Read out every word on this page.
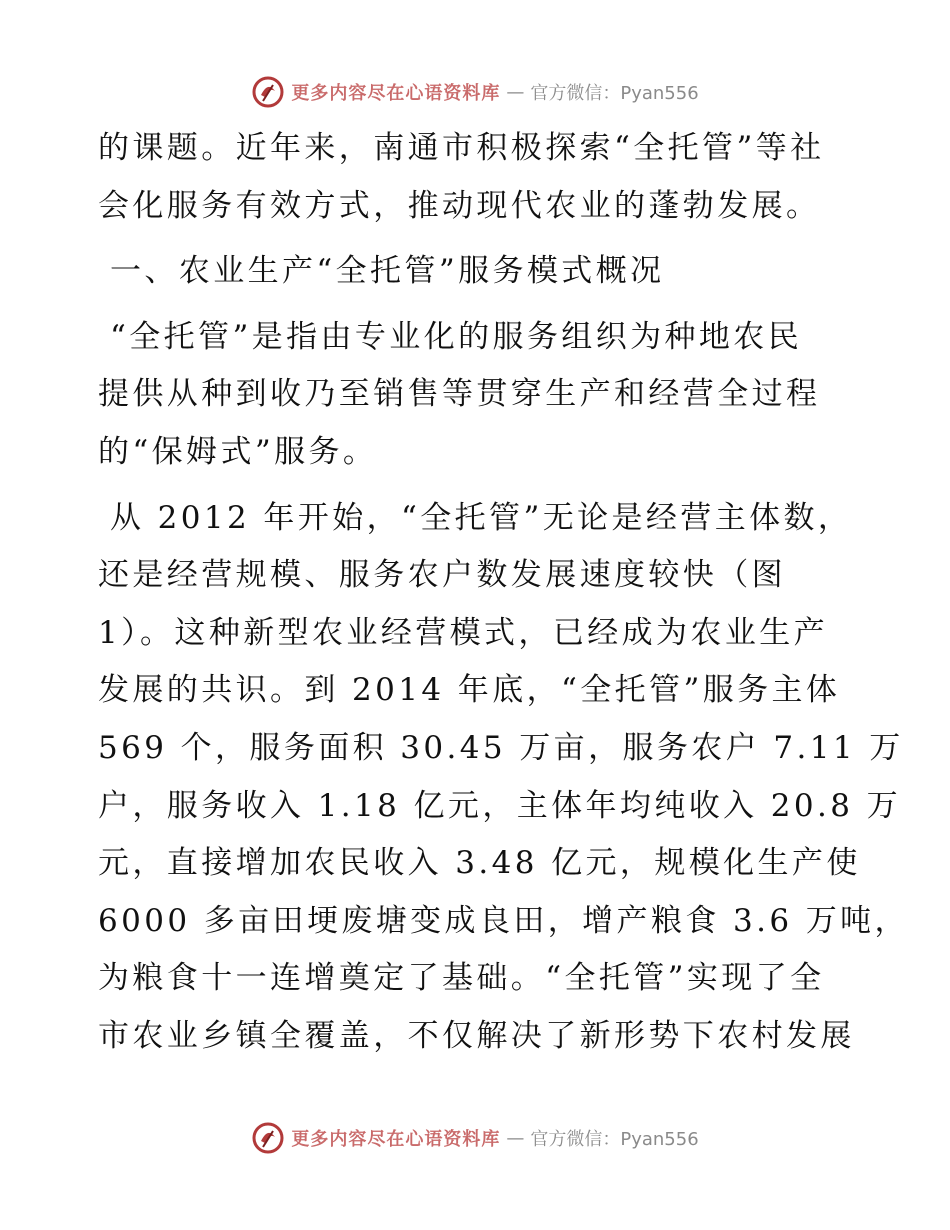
更多内容尽在心语资料库 — 官方微信：Pyan556
的课题。近年来，南通市积极探索“全托管”等社
会化服务有效方式，推动现代农业的蓬勃发展。
一、农业生产“全托管”服务模式概况
“全托管”是指由专业化的服务组织为种地农民
提供从种到收乃至销售等贯穿生产和经营全过程
的“保姆式”服务。
从 2012 年开始，“全托管”无论是经营主体数，
还是经营规模、服务农户数发展速度较快（图
1）。这种新型农业经营模式，已经成为农业生产
发展的共识。到 2014 年底，“全托管”服务主体
569 个，服务面积 30.45 万亩，服务农户 7.11 万
户，服务收入 1.18 亿元，主体年均纯收入 20.8 万
元，直接增加农民收入 3.48 亿元，规模化生产使
6000 多亩田埂废塘变成良田，增产粮食 3.6 万吨，
为粮食十一连增奠定了基础。“全托管”实现了全
市农业乡镇全覆盖，不仅解决了新形势下农村发展
更多内容尽在心语资料库 — 官方微信：Pyan556
